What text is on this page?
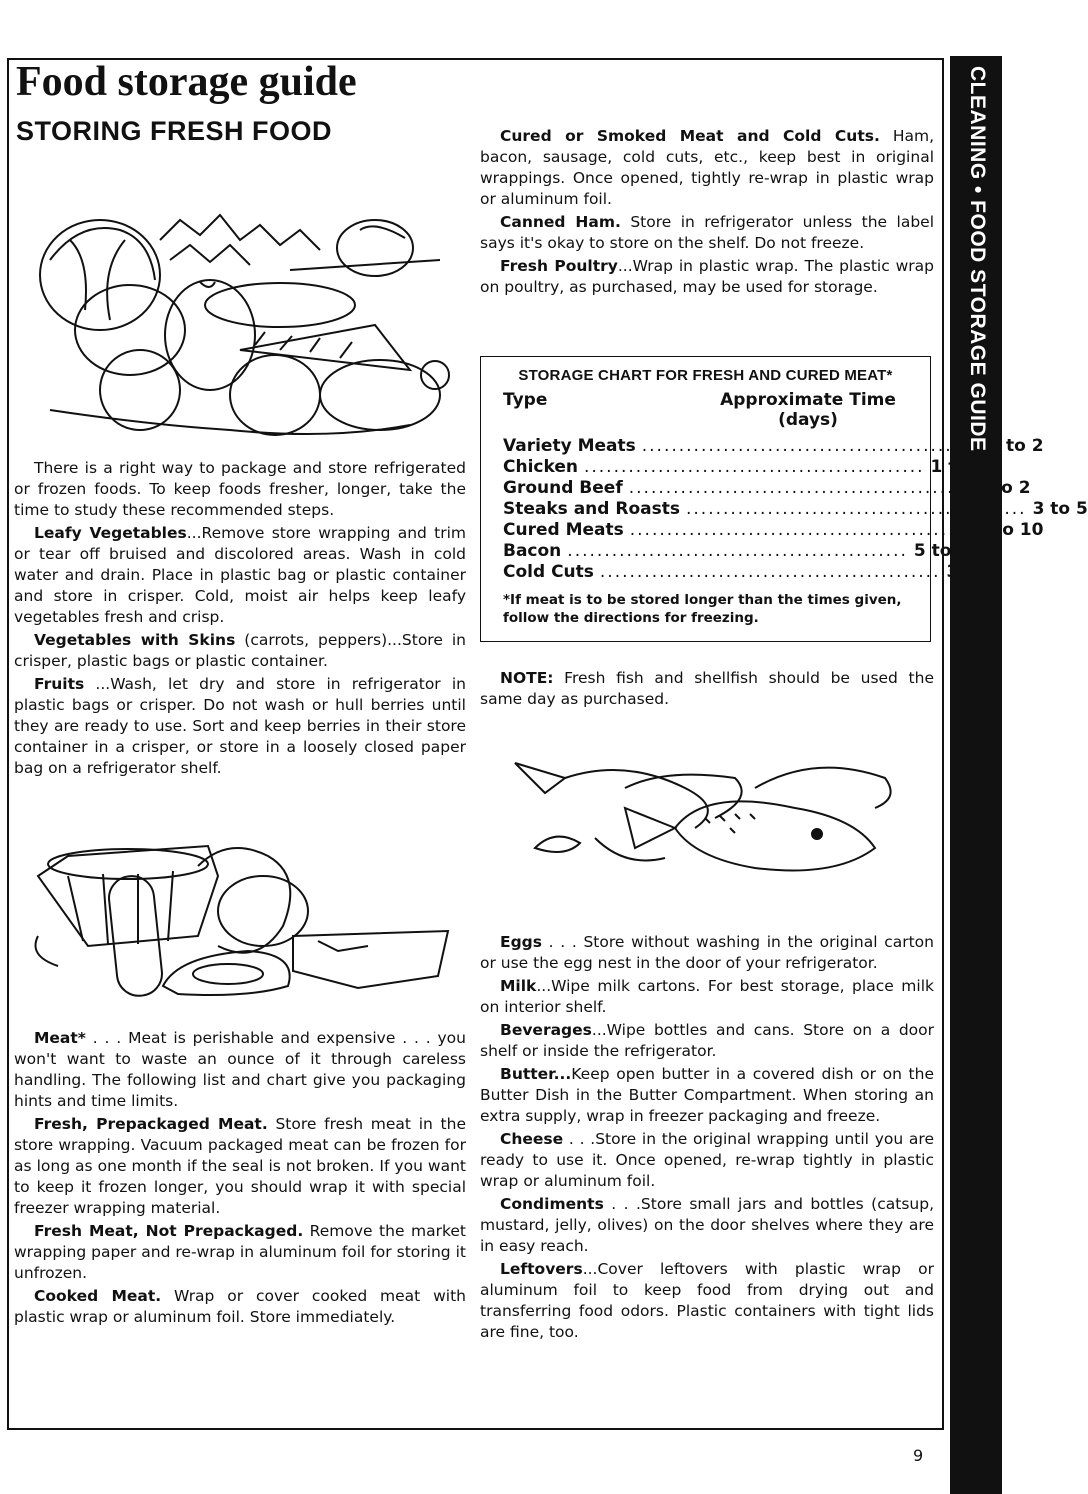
CLEANING • FOOD STORAGE GUIDE
Food storage guide
STORING FRESH FOOD

There is a right way to package and store refrigerated or frozen foods. To keep foods fresher, longer, take the time to study these recommended steps.

Leafy Vegetables...Remove store wrapping and trim or tear off bruised and discolored areas. Wash in cold water and drain. Place in plastic bag or plastic container and store in crisper. Cold, moist air helps keep leafy vegetables fresh and crisp.

Vegetables with Skins (carrots, peppers)...Store in crisper, plastic bags or plastic container.

Fruits ...Wash, let dry and store in refrigerator in plastic bags or crisper. Do not wash or hull berries until they are ready to use. Sort and keep berries in their store container in a crisper, or store in a loosely closed paper bag on a refrigerator shelf.

Meat* . . . Meat is perishable and expensive . . . you won't want to waste an ounce of it through careless handling. The following list and chart give you packaging hints and time limits.

Fresh, Prepackaged Meat. Store fresh meat in the store wrapping. Vacuum packaged meat can be frozen for as long as one month if the seal is not broken. If you want to keep it frozen longer, you should wrap it with special freezer wrapping material.

Fresh Meat, Not Prepackaged. Remove the market wrapping paper and re-wrap in aluminum foil for storing it unfrozen.

Cooked Meat. Wrap or cover cooked meat with plastic wrap or aluminum foil. Store immediately.

Cured or Smoked Meat and Cold Cuts. Ham, bacon, sausage, cold cuts, etc., keep best in original wrappings. Once opened, tightly re-wrap in plastic wrap or aluminum foil.

Canned Ham. Store in refrigerator unless the label says it's okay to store on the shelf. Do not freeze.

Fresh Poultry...Wrap in plastic wrap. The plastic wrap on poultry, as purchased, may be used for storage.

STORAGE CHART FOR FRESH AND CURED MEAT*
Type	Approximate Time (days)
Variety Meats .............................................. 1 to 2
Chicken .............................................. 1 to 2
Ground Beef .............................................. 1 to 2
Steaks and Roasts .............................................. 3 to 5
Cured Meats .............................................. 7 to 10
Bacon .............................................. 5 to 7
Cold Cuts .............................................. 3 to 5
*If meat is to be stored longer than the times given, follow the directions for freezing.

NOTE: Fresh fish and shellfish should be used the same day as purchased.

Eggs . . . Store without washing in the original carton or use the egg nest in the door of your refrigerator.

Milk...Wipe milk cartons. For best storage, place milk on interior shelf.

Beverages...Wipe bottles and cans. Store on a door shelf or inside the refrigerator.

Butter...Keep open butter in a covered dish or on the Butter Dish in the Butter Compartment. When storing an extra supply, wrap in freezer packaging and freeze.

Cheese . . .Store in the original wrapping until you are ready to use it. Once opened, re-wrap tightly in plastic wrap or aluminum foil.

Condiments . . .Store small jars and bottles (catsup, mustard, jelly, olives) on the door shelves where they are in easy reach.

Leftovers...Cover leftovers with plastic wrap or aluminum foil to keep food from drying out and transferring food odors. Plastic containers with tight lids are fine, too.

9
